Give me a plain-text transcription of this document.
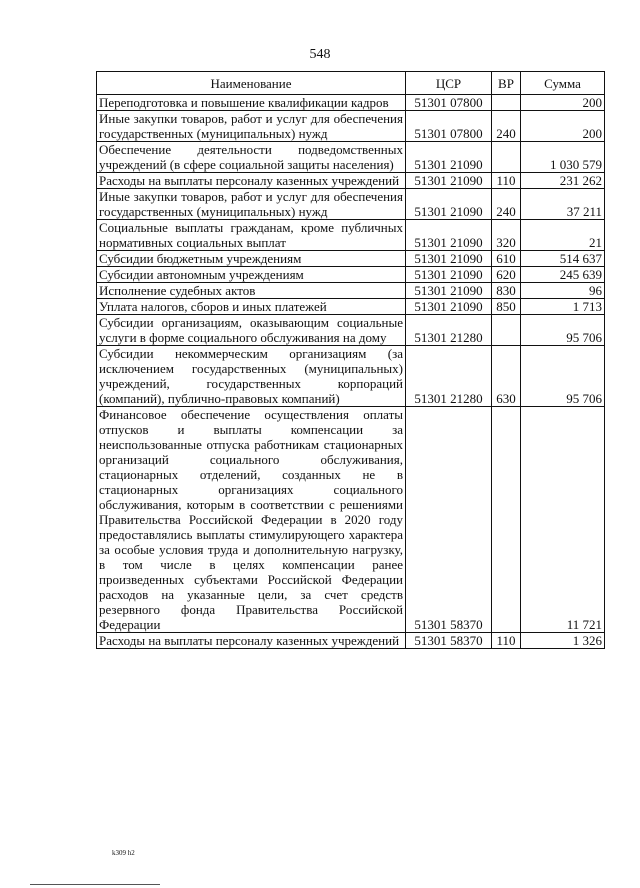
548
Наименование	ЦСР	ВР	Сумма
Переподготовка и повышение квалификации кадров	51301 07800		200
Иные закупки товаров, работ и услуг для обеспечения государственных (муниципальных) нужд	51301 07800	240	200
Обеспечение деятельности подведомственных учреждений (в сфере социальной защиты населения)	51301 21090		1 030 579
Расходы на выплаты персоналу казенных учреждений	51301 21090	110	231 262
Иные закупки товаров, работ и услуг для обеспечения государственных (муниципальных) нужд	51301 21090	240	37 211
Социальные выплаты гражданам, кроме публичных нормативных социальных выплат	51301 21090	320	21
Субсидии бюджетным учреждениям	51301 21090	610	514 637
Субсидии автономным учреждениям	51301 21090	620	245 639
Исполнение судебных актов	51301 21090	830	96
Уплата налогов, сборов и иных платежей	51301 21090	850	1 713
Субсидии организациям, оказывающим социальные услуги в форме социального обслуживания на дому	51301 21280		95 706
Субсидии некоммерческим организациям (за исключением государственных (муниципальных) учреждений, государственных корпораций (компаний), публично-правовых компаний)	51301 21280	630	95 706
Финансовое обеспечение осуществления оплаты отпусков и выплаты компенсации за неиспользованные отпуска работникам стационарных организаций социального обслуживания, стационарных отделений, созданных не в стационарных организациях социального обслуживания, которым в соответствии с решениями Правительства Российской Федерации в 2020 году предоставлялись выплаты стимулирующего характера за особые условия труда и дополнительную нагрузку, в том числе в целях компенсации ранее произведенных субъектами Российской Федерации расходов на указанные цели, за счет средств резервного фонда Правительства Российской Федерации	51301 58370		11 721
Расходы на выплаты персоналу казенных учреждений	51301 58370	110	1 326
k309 h2
